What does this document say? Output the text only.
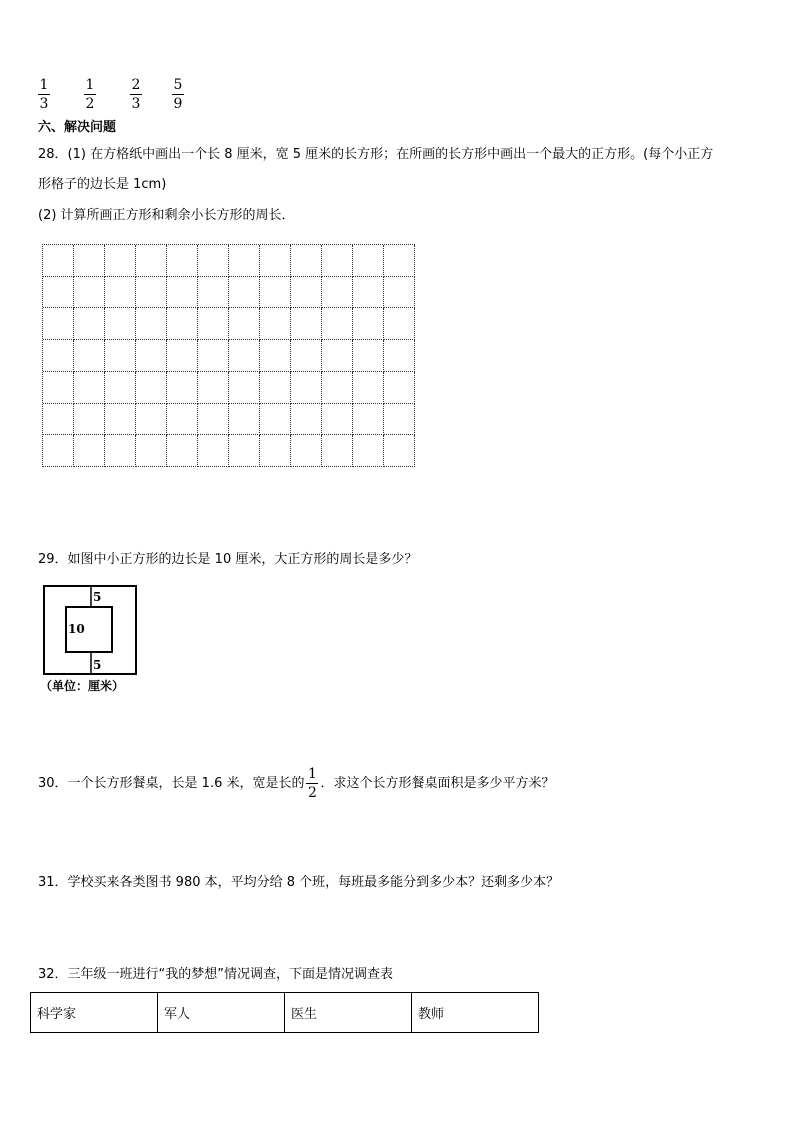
1
3
1
2
2
3
5
9
六、解决问题
28．(1) 在方格纸中画出一个长 8 厘米，宽 5 厘米的长方形；在所画的长方形中画出一个最大的正方形。(每个小正方
形格子的边长是 1cm)
(2) 计算所画正方形和剩余小长方形的周长．
29．如图中小正方形的边长是 10 厘米，大正方形的周长是多少？
5
10
5
（单位：厘米）
30．一个长方形餐桌，长是 1.6 米，宽是长的 $\frac{1}{2}$ ．求这个长方形餐桌面积是多少平方米？
31．学校买来各类图书 980 本，平均分给 8 个班，每班最多能分到多少本？还剩多少本？
32．三年级一班进行“我的梦想”情况调查，下面是情况调查表
科学家	军人	医生	教师
